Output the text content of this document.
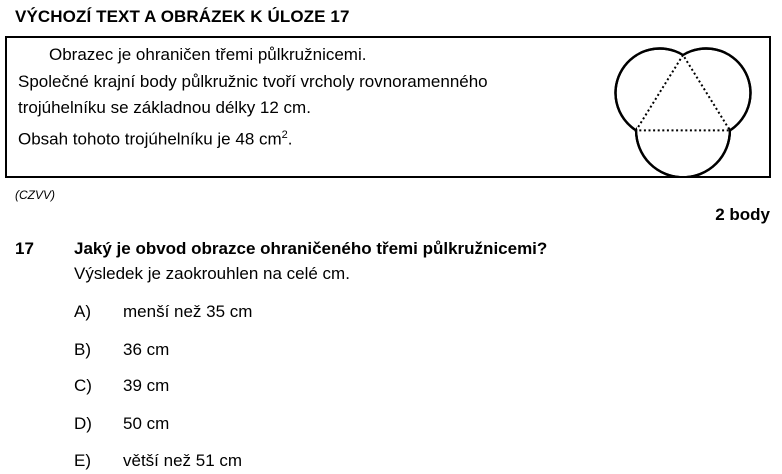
VÝCHOZÍ TEXT A OBRÁZEK K ÚLOZE 17

Obrazec je ohraničen třemi půlkružnicemi.

Společné krajní body půlkružnic tvoří vrcholy rovnoramenného

trojúhelníku se základnou délky 12 cm.

Obsah tohoto trojúhelníku je 48 $cm^2$.

(CZVV)
2 body
17 Jaký je obvod obrazce ohraničeného třemi půlkružnicemi?
Výsledek je zaokrouhlen na celé cm.
A) menší než 35 cm
B) 36 cm
C) 39 cm
D) 50 cm
E) větší než 51 cm
